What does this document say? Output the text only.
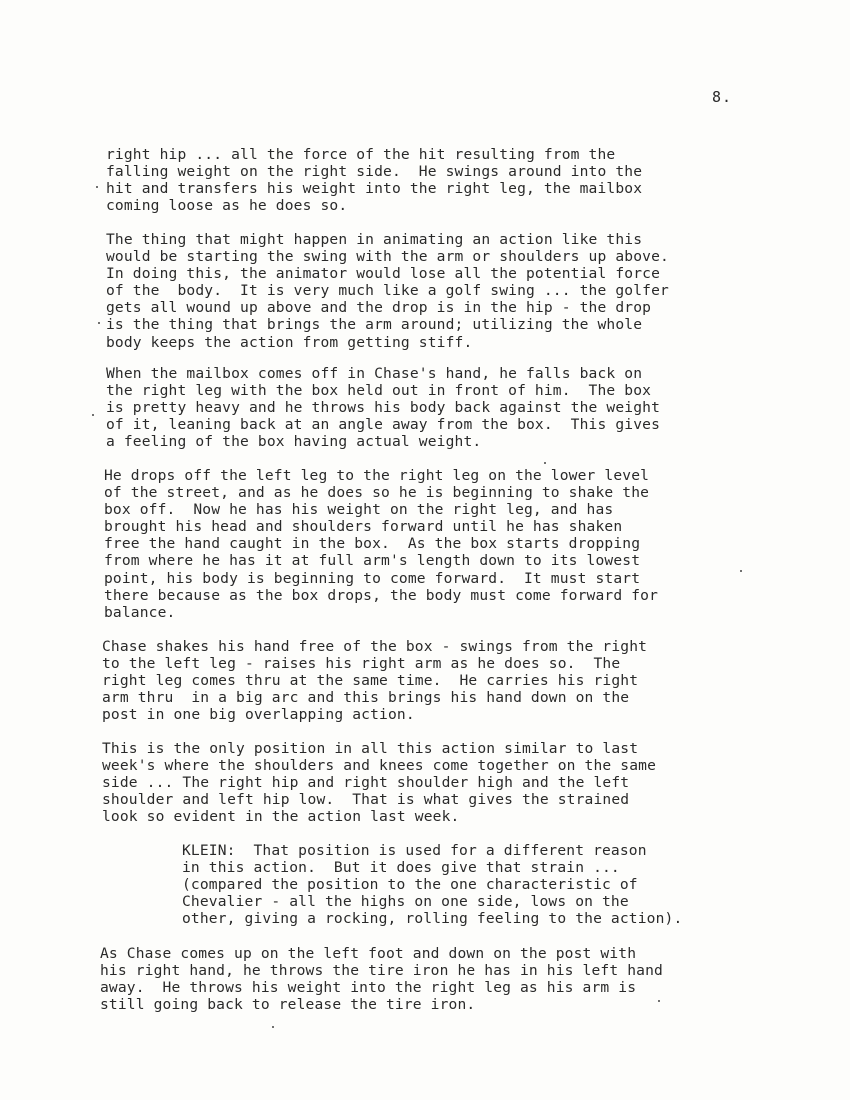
8.

right hip ... all the force of the hit resulting from the
falling weight on the right side.  He swings around into the
hit and transfers his weight into the right leg, the mailbox
coming loose as he does so.

The thing that might happen in animating an action like this
would be starting the swing with the arm or shoulders up above.
In doing this, the animator would lose all the potential force
of the  body.  It is very much like a golf swing ... the golfer
gets all wound up above and the drop is in the hip - the drop
is the thing that brings the arm around; utilizing the whole
body keeps the action from getting stiff.

When the mailbox comes off in Chase's hand, he falls back on
the right leg with the box held out in front of him.  The box
is pretty heavy and he throws his body back against the weight
of it, leaning back at an angle away from the box.  This gives
a feeling of the box having actual weight.

He drops off the left leg to the right leg on the lower level
of the street, and as he does so he is beginning to shake the
box off.  Now he has his weight on the right leg, and has
brought his head and shoulders forward until he has shaken
free the hand caught in the box.  As the box starts dropping
from where he has it at full arm's length down to its lowest
point, his body is beginning to come forward.  It must start
there because as the box drops, the body must come forward for
balance.

Chase shakes his hand free of the box - swings from the right
to the left leg - raises his right arm as he does so.  The
right leg comes thru at the same time.  He carries his right
arm thru  in a big arc and this brings his hand down on the
post in one big overlapping action.

This is the only position in all this action similar to last
week's where the shoulders and knees come together on the same
side ... The right hip and right shoulder high and the left
shoulder and left hip low.  That is what gives the strained
look so evident in the action last week.

KLEIN:  That position is used for a different reason
in this action.  But it does give that strain ...
(compared the position to the one characteristic of
Chevalier - all the highs on one side, lows on the
other, giving a rocking, rolling feeling to the action).

As Chase comes up on the left foot and down on the post with
his right hand, he throws the tire iron he has in his left hand
away.  He throws his weight into the right leg as his arm is
still going back to release the tire iron.
